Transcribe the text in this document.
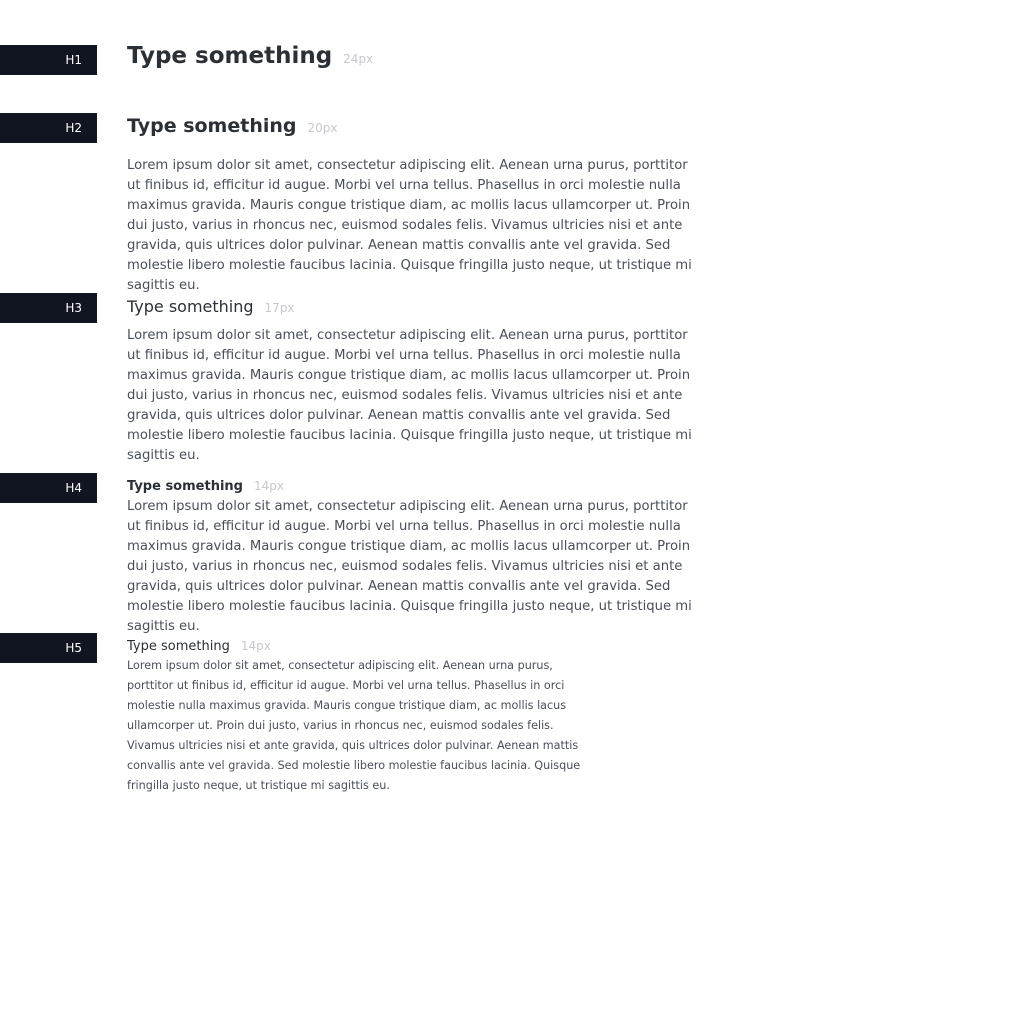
H1	Type something 24px
H2	Type something 20px

Lorem ipsum dolor sit amet, consectetur adipiscing elit. Aenean urna purus, porttitor ut finibus id, efficitur id augue. Morbi vel urna tellus. Phasellus in orci molestie nulla maximus gravida. Mauris congue tristique diam, ac mollis lacus ullamcorper ut. Proin dui justo, varius in rhoncus nec, euismod sodales felis. Vivamus ultricies nisi et ante gravida, quis ultrices dolor pulvinar. Aenean mattis convallis ante vel gravida. Sed molestie libero molestie faucibus lacinia. Quisque fringilla justo neque, ut tristique mi sagittis eu.

H3	Type something 17px

Lorem ipsum dolor sit amet, consectetur adipiscing elit. Aenean urna purus, porttitor ut finibus id, efficitur id augue. Morbi vel urna tellus. Phasellus in orci molestie nulla maximus gravida. Mauris congue tristique diam, ac mollis lacus ullamcorper ut. Proin dui justo, varius in rhoncus nec, euismod sodales felis. Vivamus ultricies nisi et ante gravida, quis ultrices dolor pulvinar. Aenean mattis convallis ante vel gravida. Sed molestie libero molestie faucibus lacinia. Quisque fringilla justo neque, ut tristique mi sagittis eu.

H4	Type something 14px

Lorem ipsum dolor sit amet, consectetur adipiscing elit. Aenean urna purus, porttitor ut finibus id, efficitur id augue. Morbi vel urna tellus. Phasellus in orci molestie nulla maximus gravida. Mauris congue tristique diam, ac mollis lacus ullamcorper ut. Proin dui justo, varius in rhoncus nec, euismod sodales felis. Vivamus ultricies nisi et ante gravida, quis ultrices dolor pulvinar. Aenean mattis convallis ante vel gravida. Sed molestie libero molestie faucibus lacinia. Quisque fringilla justo neque, ut tristique mi sagittis eu.

H5	Type something 14px

Lorem ipsum dolor sit amet, consectetur adipiscing elit. Aenean urna purus, porttitor ut finibus id, efficitur id augue. Morbi vel urna tellus. Phasellus in orci molestie nulla maximus gravida. Mauris congue tristique diam, ac mollis lacus ullamcorper ut. Proin dui justo, varius in rhoncus nec, euismod sodales felis. Vivamus ultricies nisi et ante gravida, quis ultrices dolor pulvinar. Aenean mattis convallis ante vel gravida. Sed molestie libero molestie faucibus lacinia. Quisque fringilla justo neque, ut tristique mi sagittis eu.
